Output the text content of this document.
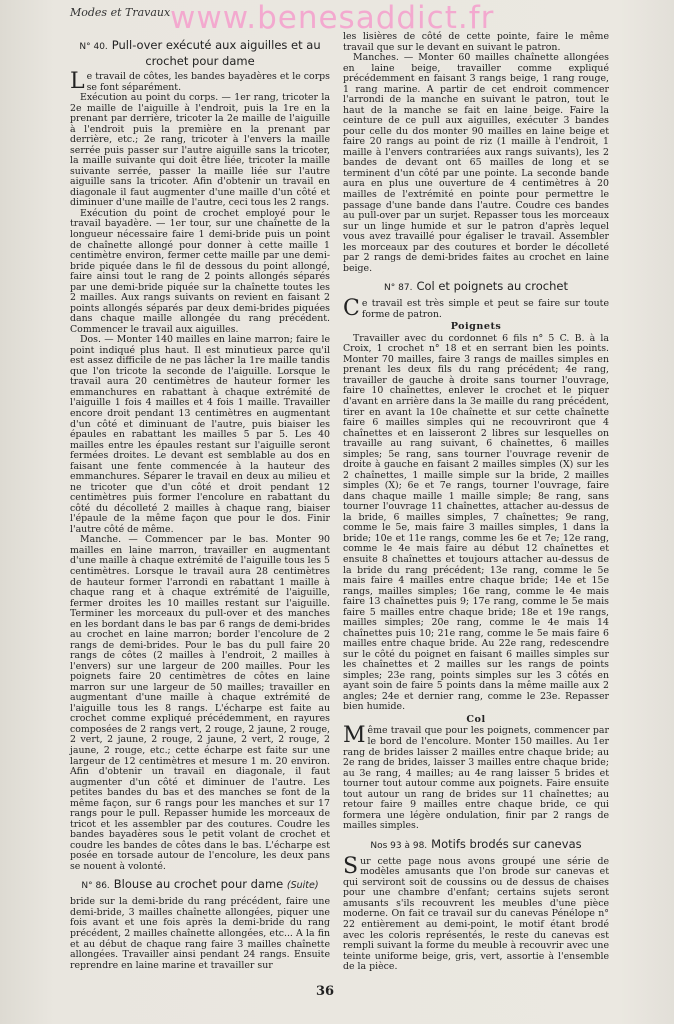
Modes et Travaux www.benesaddict.fr
N° 40. Pull-over exécuté aux aiguilles et au crochet pour dame

Le travail de côtes, les bandes bayadères et le corps se font séparément.

Exécution au point du corps. — 1er rang, tricoter la 2e maille de l'aiguille à l'endroit, puis la 1re en la prenant par derrière, tricoter la 2e maille de l'aiguille à l'endroit puis la première en la prenant par derrière, etc.; 2e rang, tricoter à l'envers la maille serrée puis passer sur l'autre aiguille sans la tricoter, la maille suivante qui doit être liée, tricoter la maille suivante serrée, passer la maille liée sur l'autre aiguille sans la tricoter. Afin d'obtenir un travail en diagonale il faut augmenter d'une maille d'un côté et diminuer d'une maille de l'autre, ceci tous les 2 rangs.

Exécution du point de crochet employé pour le travail bayadère. — 1er tour, sur une chaînette de la longueur nécessaire faire 1 demi-bride puis un point de chaînette allongé pour donner à cette maille 1 centimètre environ, fermer cette maille par une demi-bride piquée dans le fil de dessous du point allongé, faire ainsi tout le rang de 2 points allongés séparés par une demi-bride piquée sur la chaînette toutes les 2 mailles. Aux rangs suivants on revient en faisant 2 points allongés séparés par deux demi-brides piquées dans chaque maille allongée du rang précédent. Commencer le travail aux aiguilles.

Dos. — Monter 140 mailles en laine marron; faire le point indiqué plus haut. Il est minutieux parce qu'il est assez difficile de ne pas lâcher la 1re maille tandis que l'on tricote la seconde de l'aiguille. Lorsque le travail aura 20 centimètres de hauteur former les emmanchures en rabattant à chaque extrémité de l'aiguille 1 fois 4 mailles et 4 fois 1 maille. Travailler encore droit pendant 13 centimètres en augmentant d'un côté et diminuant de l'autre, puis biaiser les épaules en rabattant les mailles 5 par 5. Les 40 mailles entre les épaules restant sur l'aiguille seront fermées droites. Le devant est semblable au dos en faisant une fente commencée à la hauteur des emmanchures. Séparer le travail en deux au milieu et ne tricoter que d'un côté et droit pendant 12 centimètres puis former l'encolure en rabattant du côté du décolleté 2 mailles à chaque rang, biaiser l'épaule de la même façon que pour le dos. Finir l'autre côté de même.

Manche. — Commencer par le bas. Monter 90 mailles en laine marron, travailler en augmentant d'une maille à chaque extrémité de l'aiguille tous les 5 centimètres. Lorsque le travail aura 28 centimètres de hauteur former l'arrondi en rabattant 1 maille à chaque rang et à chaque extrémité de l'aiguille, fermer droites les 10 mailles restant sur l'aiguille. Terminer les morceaux du pull-over et des manches en les bordant dans le bas par 6 rangs de demi-brides au crochet en laine marron; border l'encolure de 2 rangs de demi-brides. Pour le bas du pull faire 20 rangs de côtes (2 mailles à l'endroit, 2 mailles à l'envers) sur une largeur de 200 mailles. Pour les poignets faire 20 centimètres de côtes en laine marron sur une largeur de 50 mailles; travailler en augmentant d'une maille à chaque extrémité de l'aiguille tous les 8 rangs. L'écharpe est faite au crochet comme expliqué précédemment, en rayures composées de 2 rangs vert, 2 rouge, 2 jaune, 2 rouge, 2 vert, 2 jaune, 2 rouge, 2 jaune, 2 vert, 2 rouge, 2 jaune, 2 rouge, etc.; cette écharpe est faite sur une largeur de 12 centimètres et mesure 1 m. 20 environ. Afin d'obtenir un travail en diagonale, il faut augmenter d'un côté et diminuer de l'autre. Les petites bandes du bas et des manches se font de la même façon, sur 6 rangs pour les manches et sur 17 rangs pour le pull. Repasser humide les morceaux de tricot et les assembler par des coutures. Coudre les bandes bayadères sous le petit volant de crochet et coudre les bandes de côtes dans le bas. L'écharpe est posée en torsade autour de l'encolure, les deux pans se nouent à volonté.

N° 86. Blouse au crochet pour dame (Suite)

bride sur la demi-bride du rang précédent, faire une demi-bride, 3 mailles chaînette allongées, piquer une fois avant et une fois après la demi-bride du rang précédent, 2 mailles chaînette allongées, etc... A la fin et au début de chaque rang faire 3 mailles chaînette allongées. Travailler ainsi pendant 24 rangs. Ensuite reprendre en laine marine et travailler sur

les lisières de côté de cette pointe, faire le même travail que sur le devant en suivant le patron.

Manches. — Monter 60 mailles chaînette allongées en laine beige, travailler comme expliqué précédemment en faisant 3 rangs beige, 1 rang rouge, 1 rang marine. A partir de cet endroit commencer l'arrondi de la manche en suivant le patron, tout le haut de la manche se fait en laine beige. Faire la ceinture de ce pull aux aiguilles, exécuter 3 bandes pour celle du dos monter 90 mailles en laine beige et faire 20 rangs au point de riz (1 maille à l'endroit, 1 maille à l'envers contrariées aux rangs suivants), les 2 bandes de devant ont 65 mailles de long et se terminent d'un côté par une pointe. La seconde bande aura en plus une ouverture de 4 centimètres à 20 mailles de l'extrémité en pointe pour permettre le passage d'une bande dans l'autre. Coudre ces bandes au pull-over par un surjet. Repasser tous les morceaux sur un linge humide et sur le patron d'après lequel vous avez travaillé pour égaliser le travail. Assembler les morceaux par des coutures et border le décolleté par 2 rangs de demi-brides faites au crochet en laine beige.

N° 87. Col et poignets au crochet

Ce travail est très simple et peut se faire sur toute forme de patron.

Poignets

Travailler avec du cordonnet 6 fils n° 5 C. B. à la Croix, 1 crochet n° 18 et en serrant bien les points. Monter 70 mailles, faire 3 rangs de mailles simples en prenant les deux fils du rang précédent; 4e rang, travailler de gauche à droite sans tourner l'ouvrage, faire 10 chaînettes, enlever le crochet et le piquer d'avant en arrière dans la 3e maille du rang précédent, tirer en avant la 10e chaînette et sur cette chaînette faire 6 mailles simples qui ne recouvriront que 4 chaînettes et en laisseront 2 libres sur lesquelles on travaille au rang suivant, 6 chaînettes, 6 mailles simples; 5e rang, sans tourner l'ouvrage revenir de droite à gauche en faisant 2 mailles simples (X) sur les 2 chaînettes, 1 maille simple sur la bride, 2 mailles simples (X); 6e et 7e rangs, tourner l'ouvrage, faire dans chaque maille 1 maille simple; 8e rang, sans tourner l'ouvrage 11 chaînettes, attacher au-dessus de la bride, 6 mailles simples, 7 chaînettes; 9e rang, comme le 5e, mais faire 3 mailles simples, 1 dans la bride; 10e et 11e rangs, comme les 6e et 7e; 12e rang, comme le 4e mais faire au début 12 chaînettes et ensuite 8 chaînettes et toujours attacher au-dessus de la bride du rang précédent; 13e rang, comme le 5e mais faire 4 mailles entre chaque bride; 14e et 15e rangs, mailles simples; 16e rang, comme le 4e mais faire 13 chaînettes puis 9; 17e rang, comme le 5e mais faire 5 mailles entre chaque bride; 18e et 19e rangs, mailles simples; 20e rang, comme le 4e mais 14 chaînettes puis 10; 21e rang, comme le 5e mais faire 6 mailles entre chaque bride. Au 22e rang, redescendre sur le côté du poignet en faisant 6 mailles simples sur les chaînettes et 2 mailles sur les rangs de points simples; 23e rang, points simples sur les 3 côtés en ayant soin de faire 5 points dans la même maille aux 2 angles; 24e et dernier rang, comme le 23e. Repasser bien humide.

Col

Même travail que pour les poignets, commencer par le bord de l'encolure. Monter 150 mailles. Au 1er rang de brides laisser 2 mailles entre chaque bride; au 2e rang de brides, laisser 3 mailles entre chaque bride; au 3e rang, 4 mailles; au 4e rang laisser 5 brides et tourner tout autour comme aux poignets. Faire ensuite tout autour un rang de brides sur 11 chaînettes; au retour faire 9 mailles entre chaque bride, ce qui formera une légère ondulation, finir par 2 rangs de mailles simples.

Nos 93 à 98. Motifs brodés sur canevas

Sur cette page nous avons groupé une série de modèles amusants que l'on brode sur canevas et qui serviront soit de coussins ou de dessus de chaises pour une chambre d'enfant; certains sujets seront amusants s'ils recouvrent les meubles d'une pièce moderne. On fait ce travail sur du canevas Pénélope n° 22 entièrement au demi-point, le motif étant brodé avec les coloris représentés, le reste du canevas est rempli suivant la forme du meuble à recouvrir avec une teinte uniforme beige, gris, vert, assortie à l'ensemble de la pièce.

36
